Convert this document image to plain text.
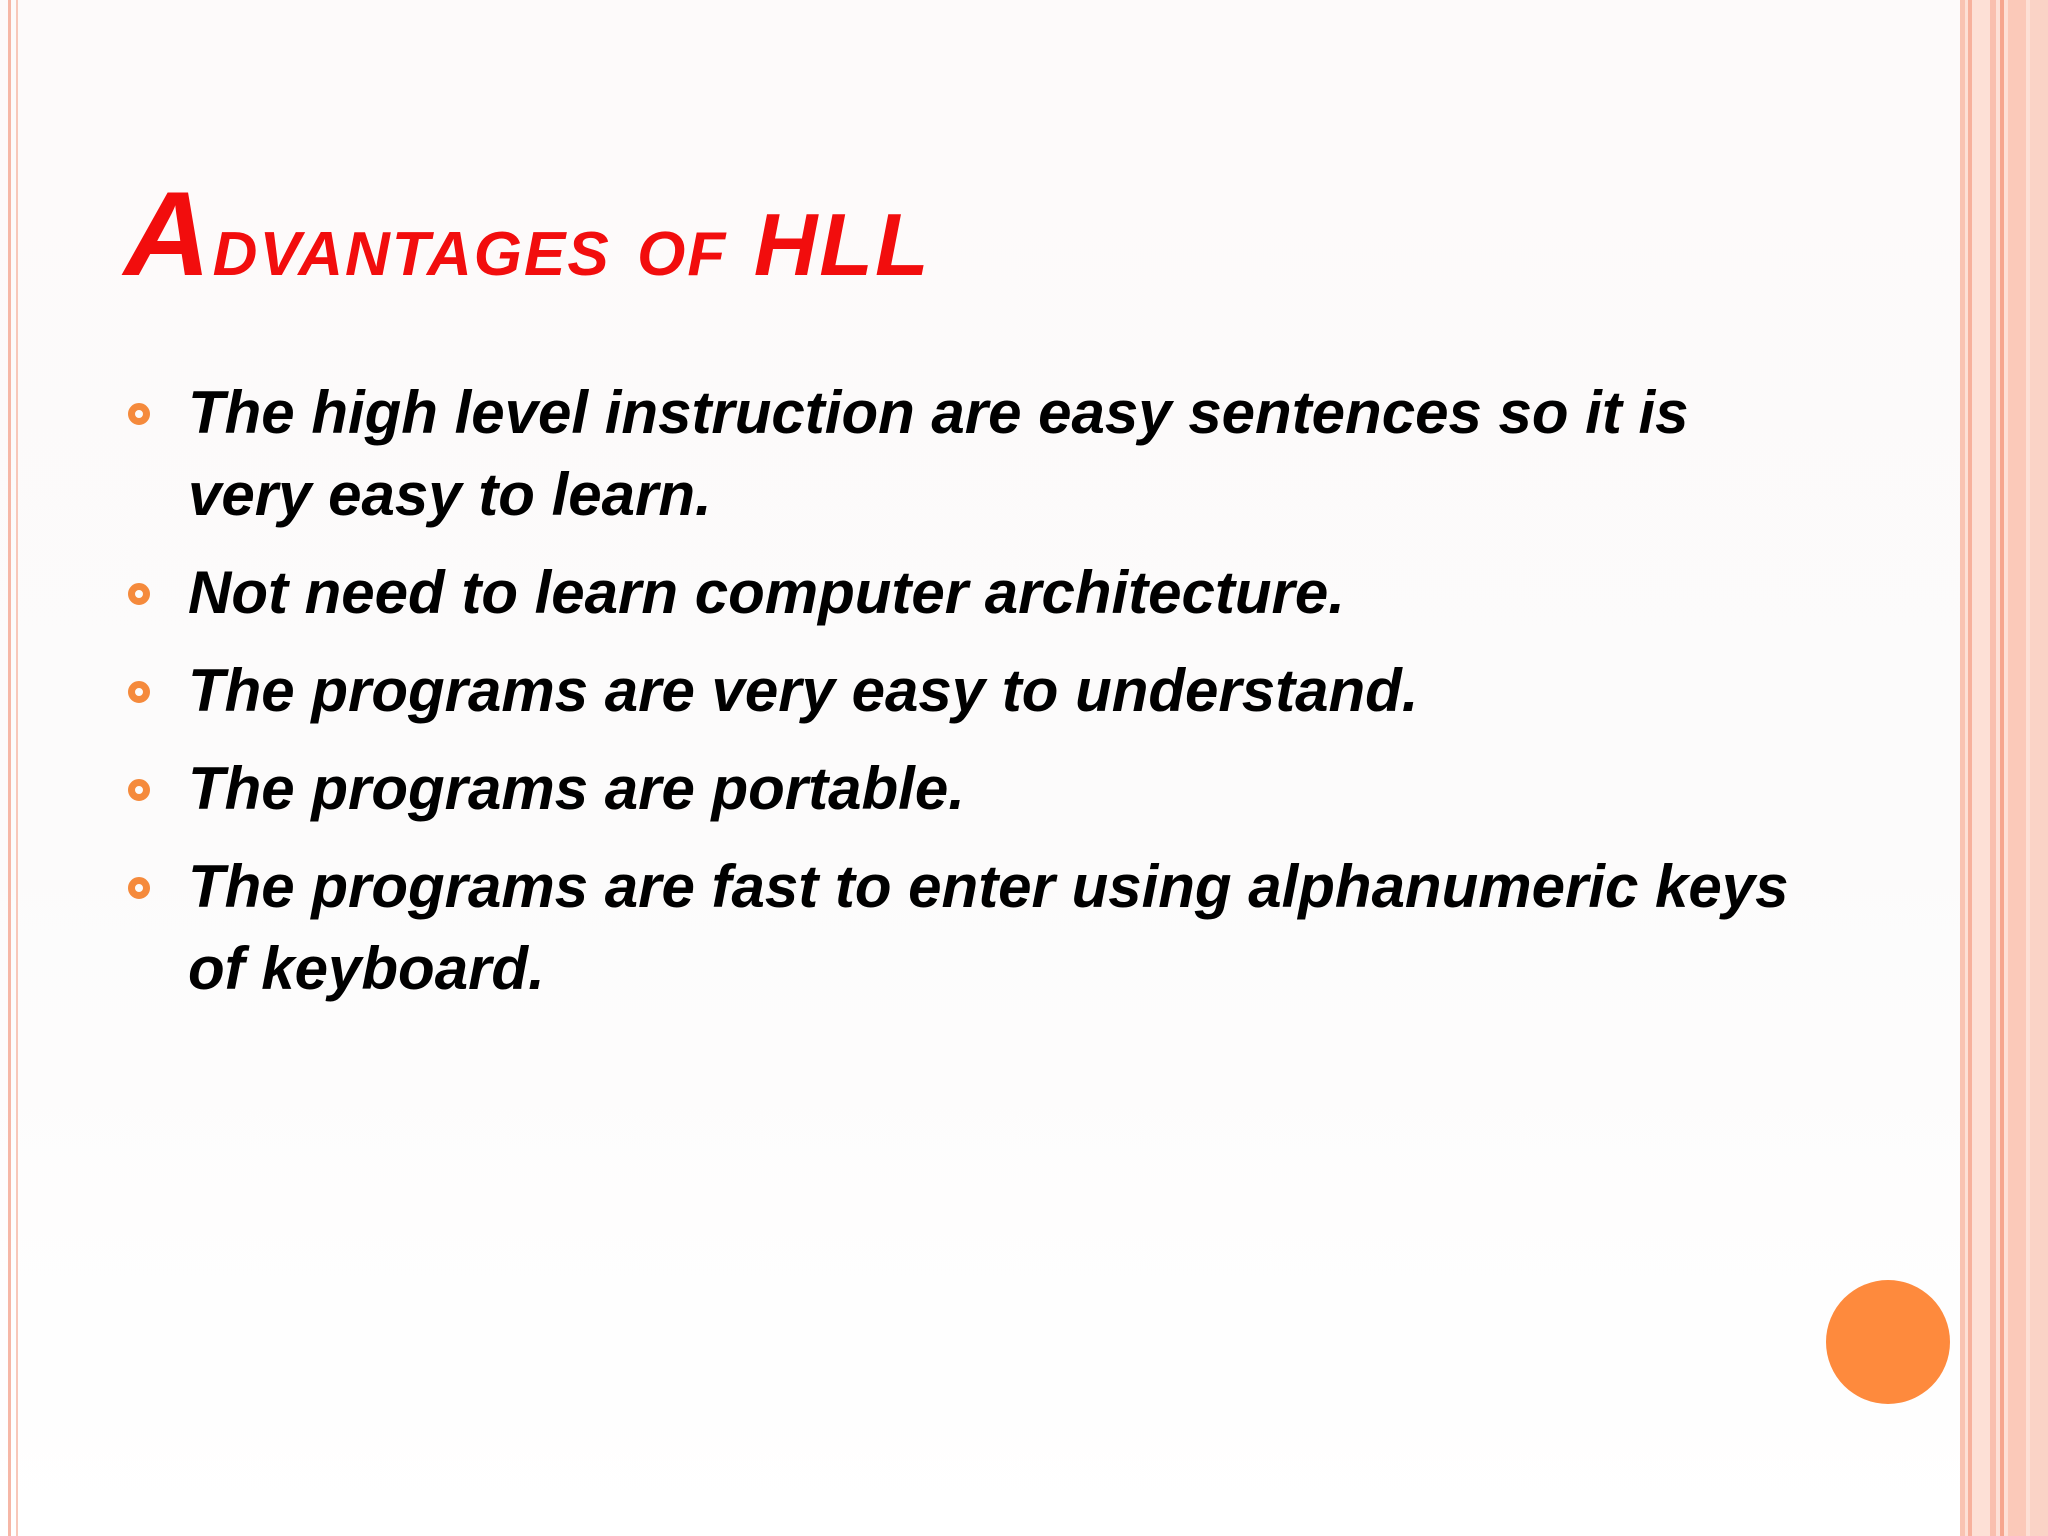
Advantages of HLL
The high level instruction are easy sentences so it is very easy to learn.
Not need to learn computer architecture.
The programs are very easy to understand.
The programs are portable.
The programs are fast to enter using alphanumeric keys of keyboard.
